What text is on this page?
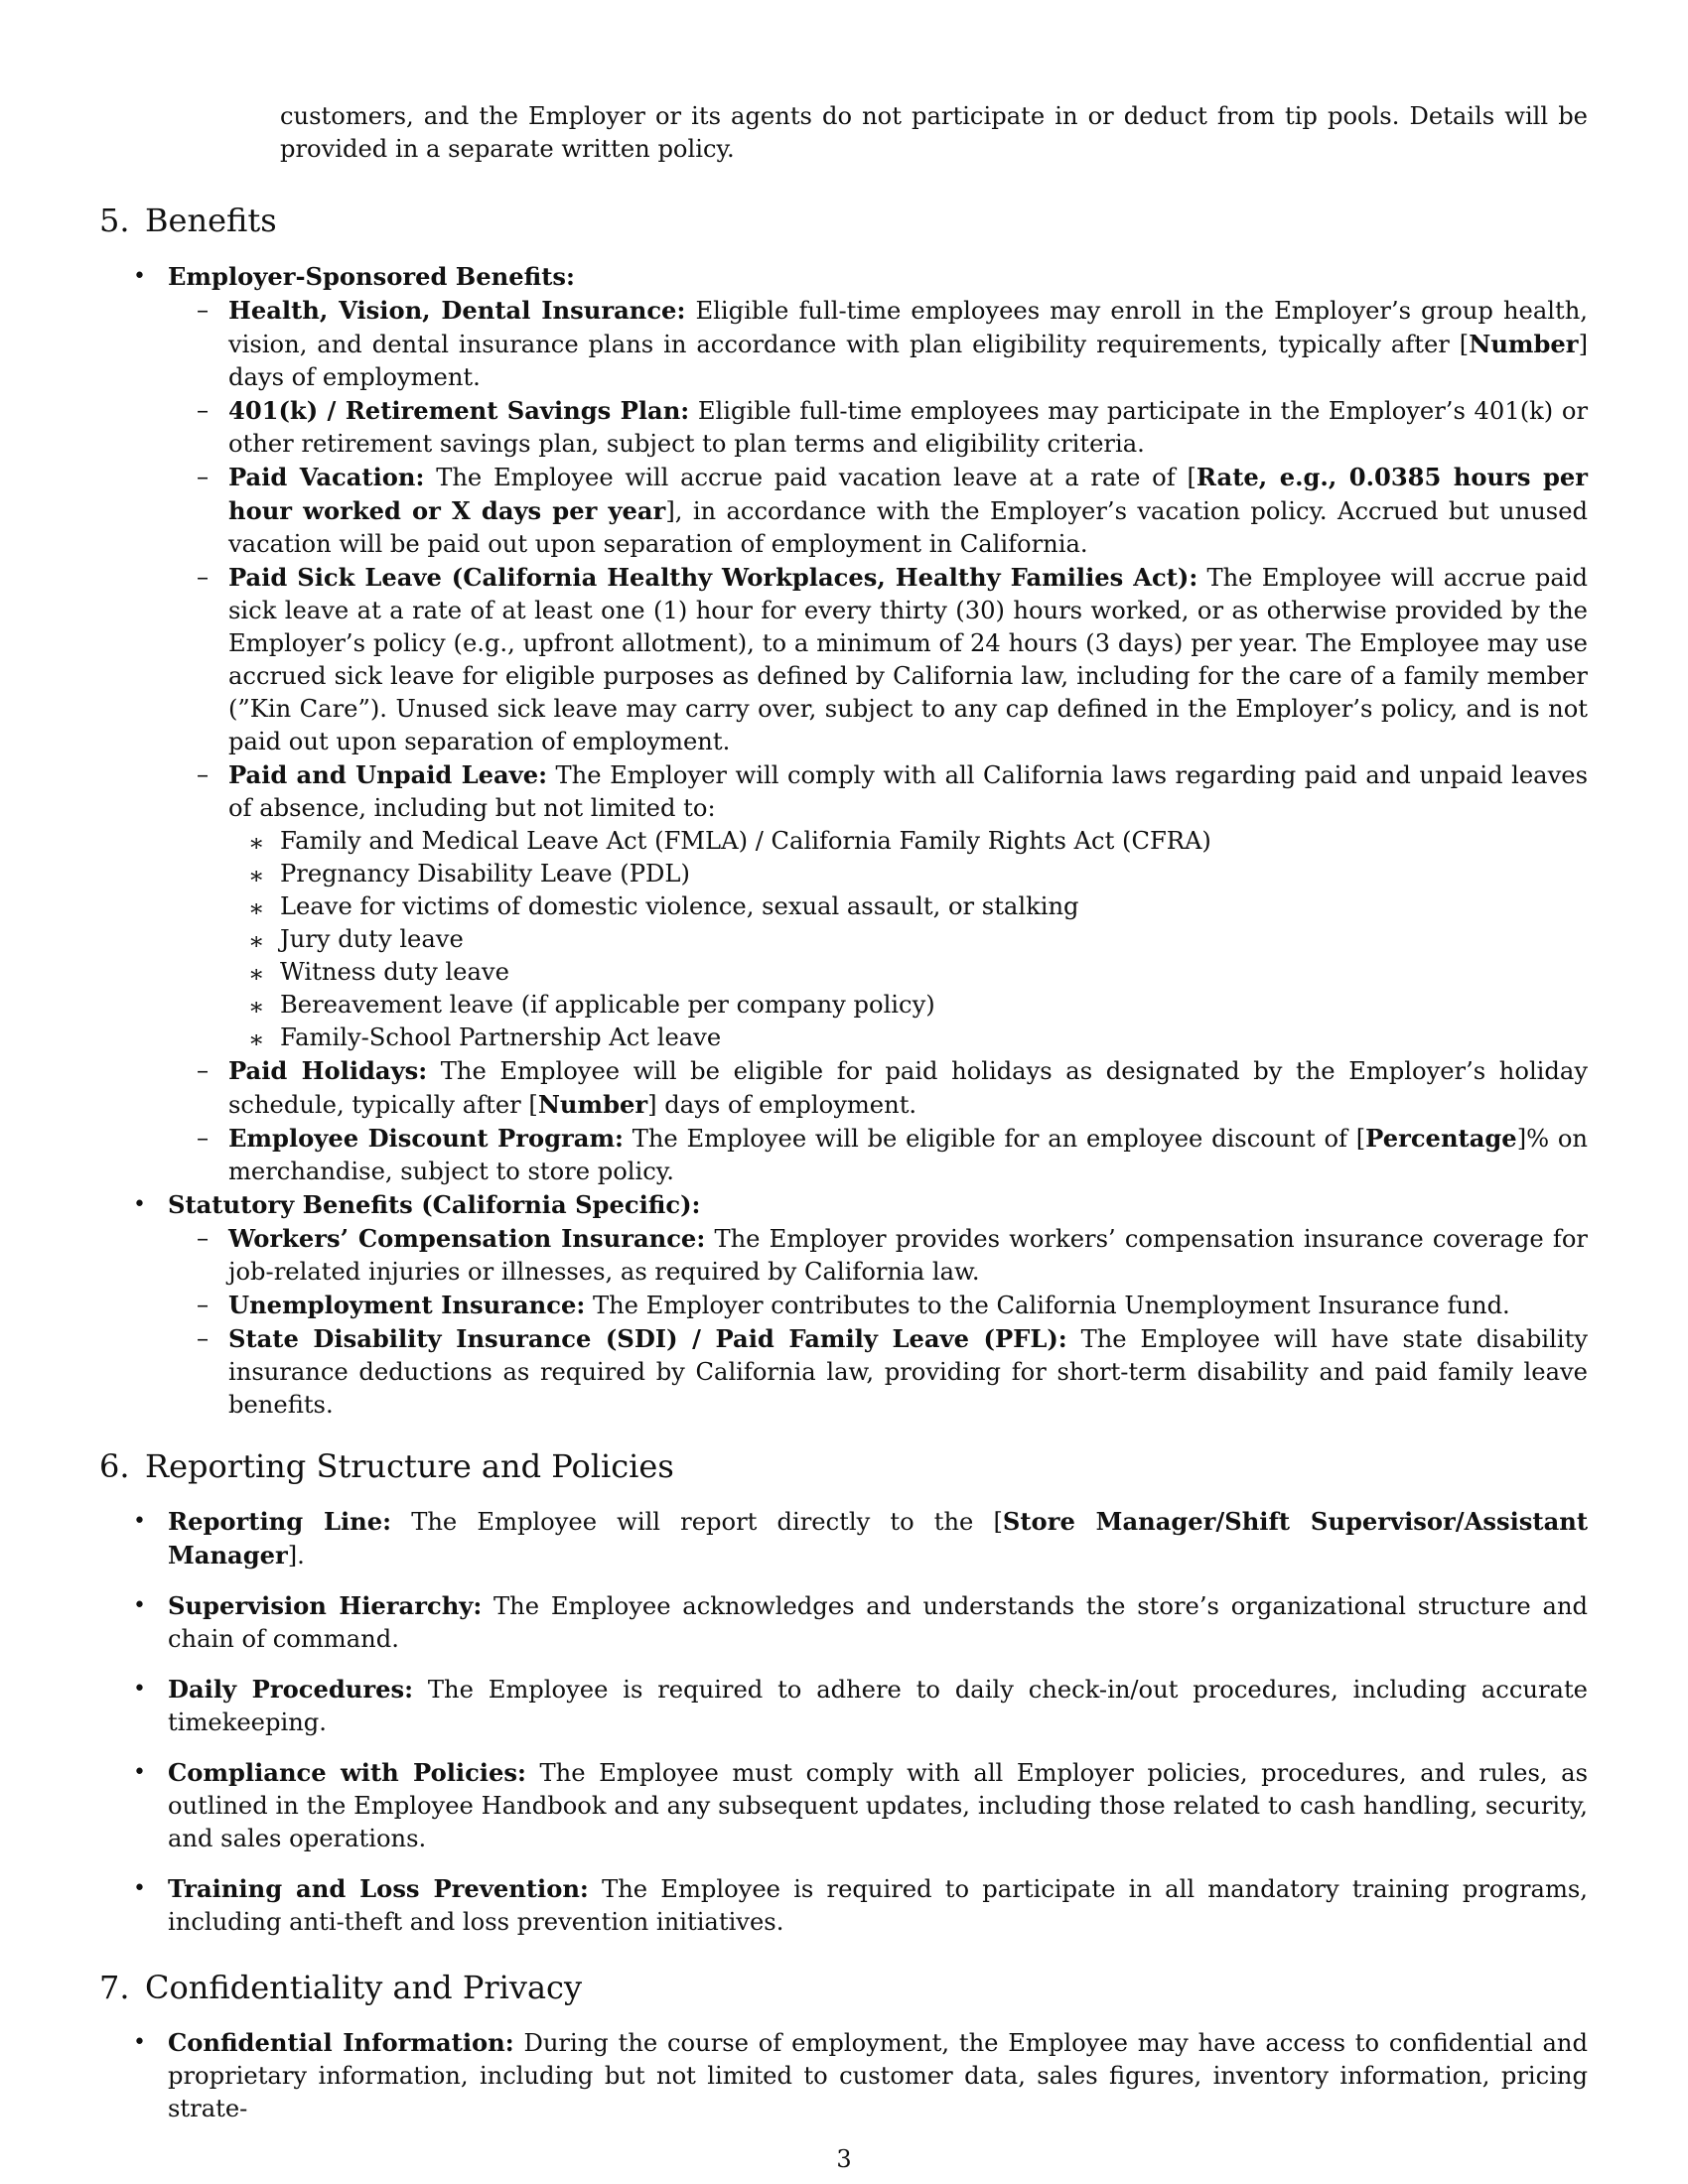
customers, and the Employer or its agents do not participate in or deduct from tip pools. Details will be provided in a separate written policy.
5. Benefits
• Employer-Sponsored Benefits:
– Health, Vision, Dental Insurance: Eligible full-time employees may enroll in the Employer’s group health, vision, and dental insurance plans in accordance with plan eligibility requirements, typically after [Number] days of employment.
– 401(k) / Retirement Savings Plan: Eligible full-time employees may participate in the Employer’s 401(k) or other retirement savings plan, subject to plan terms and eligibility criteria.
– Paid Vacation: The Employee will accrue paid vacation leave at a rate of [Rate, e.g., 0.0385 hours per hour worked or X days per year], in accordance with the Employer’s vacation policy. Accrued but unused vacation will be paid out upon separation of employment in California.
– Paid Sick Leave (California Healthy Workplaces, Healthy Families Act): The Employee will accrue paid sick leave at a rate of at least one (1) hour for every thirty (30) hours worked, or as otherwise provided by the Employer’s policy (e.g., upfront allotment), to a minimum of 24 hours (3 days) per year. The Employee may use accrued sick leave for eligible purposes as defined by California law, including for the care of a family member (”Kin Care”). Unused sick leave may carry over, subject to any cap defined in the Employer’s policy, and is not paid out upon separation of employment.
– Paid and Unpaid Leave: The Employer will comply with all California laws regarding paid and unpaid leaves of absence, including but not limited to:
∗ Family and Medical Leave Act (FMLA) / California Family Rights Act (CFRA)
∗ Pregnancy Disability Leave (PDL)
∗ Leave for victims of domestic violence, sexual assault, or stalking
∗ Jury duty leave
∗ Witness duty leave
∗ Bereavement leave (if applicable per company policy)
∗ Family-School Partnership Act leave
– Paid Holidays: The Employee will be eligible for paid holidays as designated by the Employer’s holiday schedule, typically after [Number] days of employment.
– Employee Discount Program: The Employee will be eligible for an employee discount of [Percentage]% on merchandise, subject to store policy.
• Statutory Benefits (California Specific):
– Workers’ Compensation Insurance: The Employer provides workers’ compensation insurance coverage for job-related injuries or illnesses, as required by California law.
– Unemployment Insurance: The Employer contributes to the California Unemployment Insurance fund.
– State Disability Insurance (SDI) / Paid Family Leave (PFL): The Employee will have state disability insurance deductions as required by California law, providing for short-term disability and paid family leave benefits.
6. Reporting Structure and Policies
• Reporting Line: The Employee will report directly to the [Store Manager/Shift Supervisor/Assistant Manager].
• Supervision Hierarchy: The Employee acknowledges and understands the store’s organizational structure and chain of command.
• Daily Procedures: The Employee is required to adhere to daily check-in/out procedures, including accurate timekeeping.
• Compliance with Policies: The Employee must comply with all Employer policies, procedures, and rules, as outlined in the Employee Handbook and any subsequent updates, including those related to cash handling, security, and sales operations.
• Training and Loss Prevention: The Employee is required to participate in all mandatory training programs, including anti-theft and loss prevention initiatives.
7. Confidentiality and Privacy
• Confidential Information: During the course of employment, the Employee may have access to confidential and proprietary information, including but not limited to customer data, sales figures, inventory information, pricing strate-
3
